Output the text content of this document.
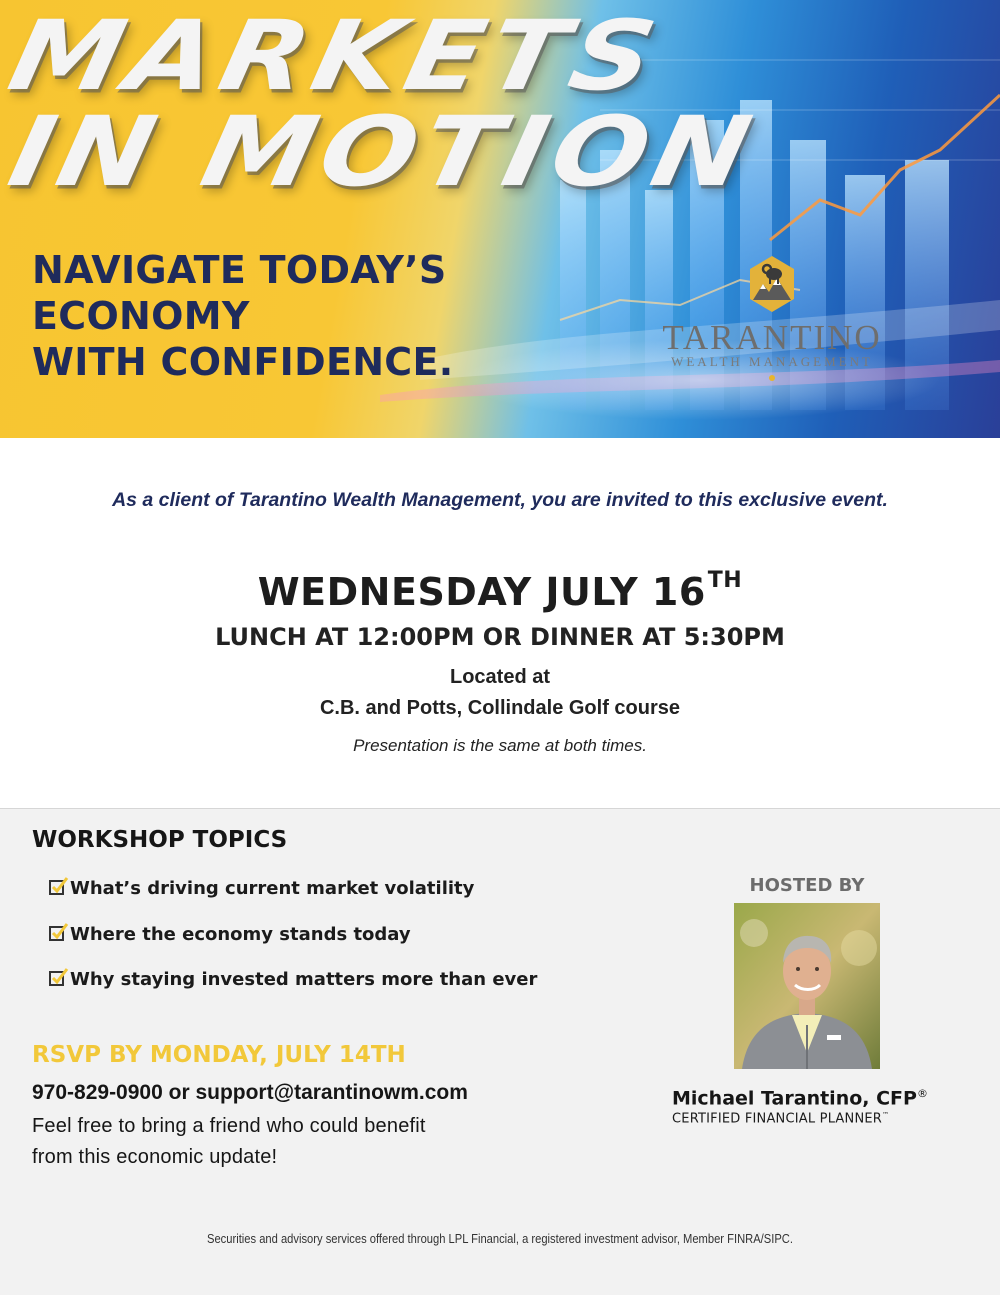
MARKETS
IN MOTION
NAVIGATE TODAY’S
ECONOMY
WITH CONFIDENCE.
TARANTINO
WEALTH MANAGEMENT

As a client of Tarantino Wealth Management, you are invited to this exclusive event.

WEDNESDAY JULY 16TH
LUNCH AT 12:00PM OR DINNER AT 5:30PM
Located at
C.B. and Potts, Collindale Golf course
Presentation is the same at both times.
WORKSHOP TOPICS
What’s driving current market volatility
Where the economy stands today
Why staying invested matters more than ever
RSVP BY MONDAY, JULY 14TH
970-829-0900 or support@tarantinowm.com
Feel free to bring a friend who could benefit
from this economic update!
HOSTED BY
Michael Tarantino, CFP®
CERTIFIED FINANCIAL PLANNER™
Securities and advisory services offered through LPL Financial, a registered investment advisor, Member FINRA/SIPC.
